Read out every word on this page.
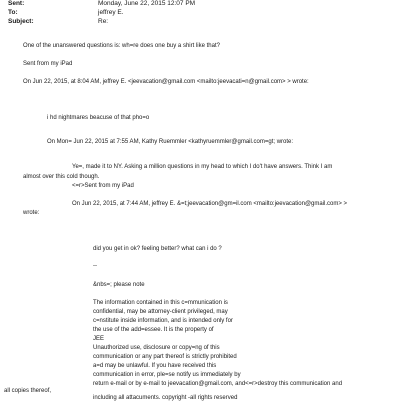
Sent:	Monday, June 22, 2015 12:07 PM
To:	jeffrey E.
Subject:	Re:
One of the unanswered questions is: wh=re does one buy a shirt like that?
Sent from my iPad
On Jun 22, 2015, at 8:04 AM, jeffrey E. <jeevacation@gmail.com <mailto:jeevacati=n@gmail.com> > wrote:
i hd nightmares beacuse of that pho=o
On Mon= Jun 22, 2015 at 7:55 AM, Kathy Ruemmler <kathyruemmler@gmail.com=gt; wrote:
Ye=, made it to NY. Asking a million questions in my head to which I do't have answers. Think I am
almost over this cold though.
<=r>Sent from my iPad
On Jun 22, 2015, at 7:44 AM, jeffrey E. &=t;jeevacation@gm=il.com <mailto:jeevacation@gmail.com> >
wrote:
did you get in ok? feeling better? what can i do ?
--
&nbs=; please note
The information contained in this c=mmunication is
confidential, may be attorney-client privileged, may
c=nstitute inside information, and is intended only for
the use of the add=essee. It is the property of
JEE
Unauthorized use, disclosure or copy=ng of this
communication or any part thereof is strictly prohibited
a=d may be unlawful. If you have received this
communication in error, ple=se notify us immediately by
return e-mail or by e-mail to jeevacation@gmail.com, and<=r>destroy this communication and
all copies thereof,
including all attacuments. copyright -all rights reserved
